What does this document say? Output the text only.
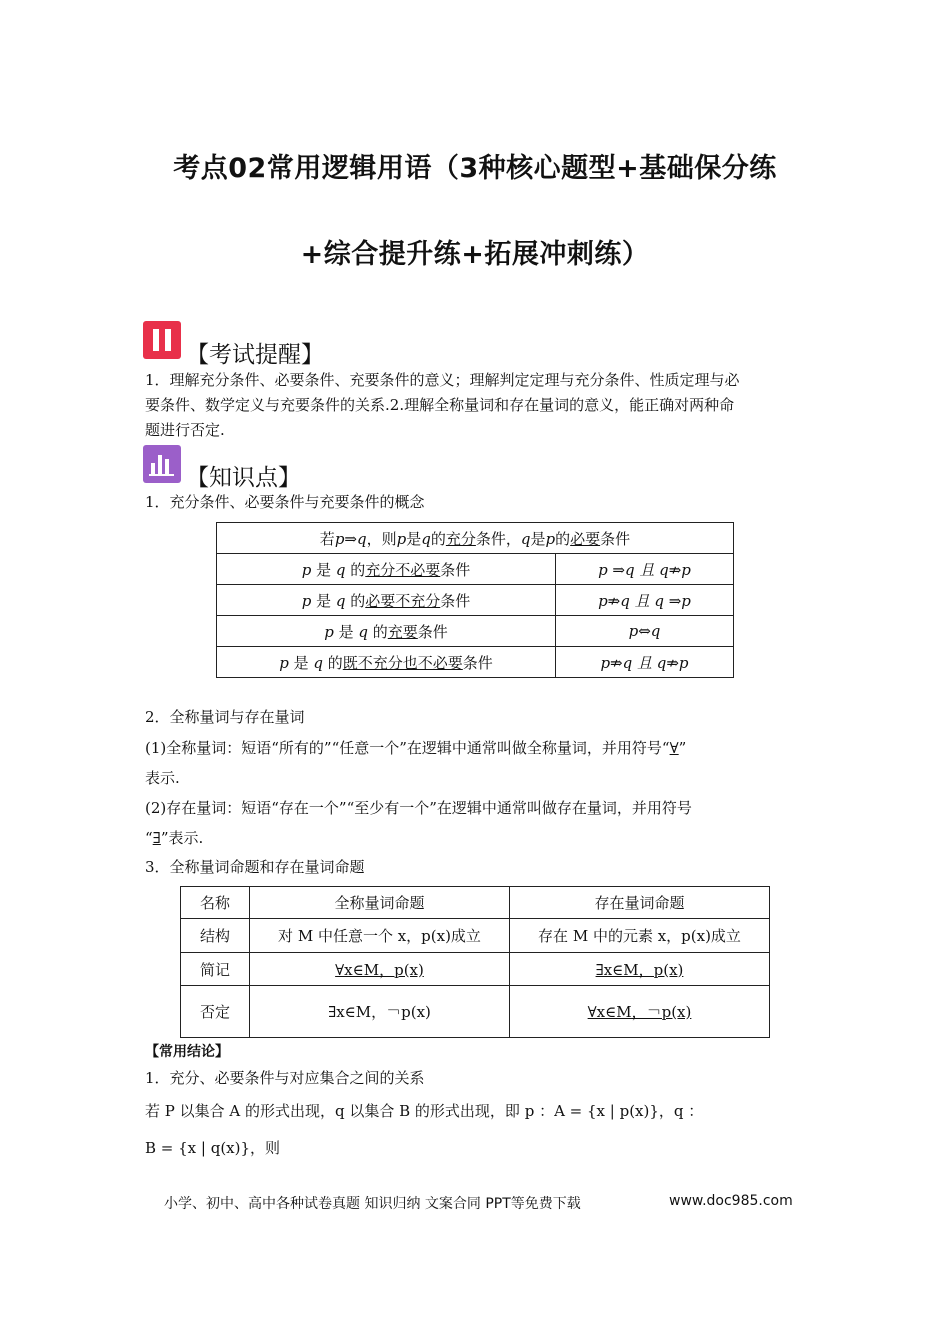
考点02常用逻辑用语（3种核心题型+基础保分练
+综合提升练+拓展冲刺练）
【考试提醒】
1．理解充分条件、必要条件、充要条件的意义；理解判定定理与充分条件、性质定理与必
要条件、数学定义与充要条件的关系.2.理解全称量词和存在量词的意义，能正确对两种命
题进行否定.
【知识点】
1．充分条件、必要条件与充要条件的概念
若p⇒q，则p是q的充分条件，q是p的必要条件	
p 是 q 的充分不必要条件	p ⇒q 且 q⇏p
p 是 q 的必要不充分条件	p⇏q 且 q ⇒p
p 是 q 的充要条件	p⇔q
p 是 q 的既不充分也不必要条件	p⇏q 且 q⇏p
2．全称量词与存在量词
(1)全称量词：短语“所有的”“任意一个”在逻辑中通常叫做全称量词，并用符号“∀”
表示.
(2)存在量词：短语“存在一个”“至少有一个”在逻辑中通常叫做存在量词，并用符号
“∃”表示.
3．全称量词命题和存在量词命题
名称	全称量词命题	存在量词命题
结构	对 M 中任意一个 x，p(x)成立	存在 M 中的元素 x，p(x)成立
简记	∀x∈M，p(x)	∃x∈M，p(x)
否定	∃x∈M，￢p(x)	∀x∈M，￢p(x)
【常用结论】
1．充分、必要条件与对应集合之间的关系
若 P 以集合 A 的形式出现，q 以集合 B 的形式出现，即 p ：A = {x | p(x)}，q ：
B = {x | q(x)}，则
小学、初中、高中各种试卷真题 知识归纳 文案合同 PPT等免费下载	www.doc985.com
